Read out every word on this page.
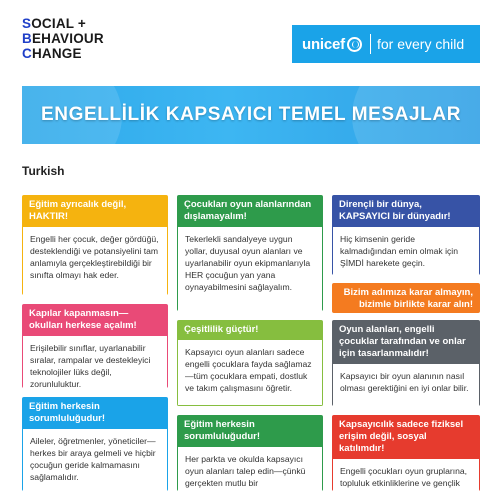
SOCIAL +
BEHAVIOUR
CHANGE
unicef for every child
ENGELLİLİK KAPSAYICI TEMEL MESAJLAR
Turkish
Eğitim ayrıcalık değil, HAKTIR!
Engelli her çocuk, değer gördüğü, desteklendiği ve potansiyelini tam anlamıyla gerçekleştirebildiği bir sınıfta olmayı hak eder.
Kapılar kapanmasın—okulları herkese açalım!
Erişilebilir sınıflar, uyarlanabilir sıralar, rampalar ve destekleyici teknolojiler lüks değil, zorunluluktur.
Eğitim herkesin sorumluluğudur!
Aileler, öğretmenler, yöneticiler—herkes bir araya gelmeli ve hiçbir çocuğun geride kalmamasını sağlamalıdır.
Çocukları oyun alanlarından dışlamayalım!
Tekerlekli sandalyeye uygun yollar, duyusal oyun alanları ve uyarlanabilir oyun ekipmanlarıyla HER çocuğun yan yana oynayabilmesini sağlayalım.
Çeşitlilik güçtür!
Kapsayıcı oyun alanları sadece engelli çocuklara fayda sağlamaz—tüm çocuklara empati, dostluk ve takım çalışmasını öğretir.
Eğitim herkesin sorumluluğudur!
Her parkta ve okulda kapsayıcı oyun alanları talep edin—çünkü gerçekten mutlu bir
Dirençli bir dünya, KAPSAYICI bir dünyadır!
Hiç kimsenin geride kalmadığından emin olmak için ŞİMDİ harekete geçin.
Bizim adımıza karar almayın, bizimle birlikte karar alın!
Oyun alanları, engelli çocuklar tarafından ve onlar için tasarlanmalıdır!
Kapsayıcı bir oyun alanının nasıl olması gerektiğini en iyi onlar bilir.
Kapsayıcılık sadece fiziksel erişim değil, sosyal katılımdır!
Engelli çocukları oyun gruplarına, topluluk etkinliklerine ve gençlik
